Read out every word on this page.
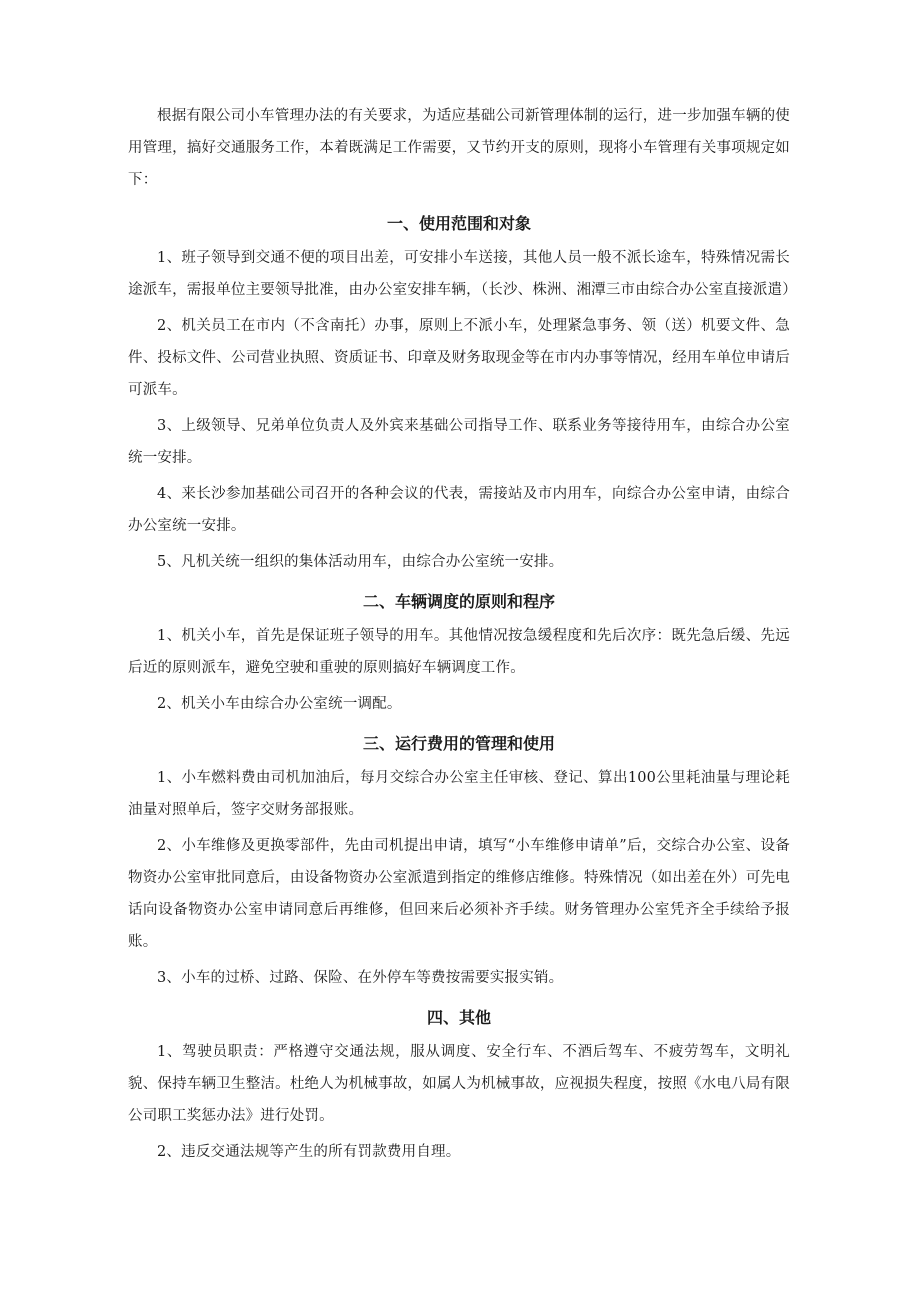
根据有限公司小车管理办法的有关要求，为适应基础公司新管理体制的运行，进一步加强车辆的使用管理，搞好交通服务工作，本着既满足工作需要，又节约开支的原则，现将小车管理有关事项规定如下：

一、使用范围和对象

1、班子领导到交通不便的项目出差，可安排小车送接，其他人员一般不派长途车，特殊情况需长途派车，需报单位主要领导批准，由办公室安排车辆，（长沙、株洲、湘潭三市由综合办公室直接派遣）

2、机关员工在市内（不含南托）办事，原则上不派小车，处理紧急事务、领（送）机要文件、急件、投标文件、公司营业执照、资质证书、印章及财务取现金等在市内办事等情况，经用车单位申请后可派车。

3、上级领导、兄弟单位负责人及外宾来基础公司指导工作、联系业务等接待用车，由综合办公室统一安排。

4、来长沙参加基础公司召开的各种会议的代表，需接站及市内用车，向综合办公室申请，由综合办公室统一安排。

5、凡机关统一组织的集体活动用车，由综合办公室统一安排。

二、车辆调度的原则和程序

1、机关小车，首先是保证班子领导的用车。其他情况按急缓程度和先后次序：既先急后缓、先远后近的原则派车，避免空驶和重驶的原则搞好车辆调度工作。

2、机关小车由综合办公室统一调配。

三、运行费用的管理和使用

1、小车燃料费由司机加油后，每月交综合办公室主任审核、登记、算出100公里耗油量与理论耗油量对照单后，签字交财务部报账。

2、小车维修及更换零部件，先由司机提出申请，填写“小车维修申请单”后，交综合办公室、设备物资办公室审批同意后，由设备物资办公室派遣到指定的维修店维修。特殊情况（如出差在外）可先电话向设备物资办公室申请同意后再维修，但回来后必须补齐手续。财务管理办公室凭齐全手续给予报账。

3、小车的过桥、过路、保险、在外停车等费按需要实报实销。

四、其他

1、驾驶员职责：严格遵守交通法规，服从调度、安全行车、不酒后驾车、不疲劳驾车，文明礼貌、保持车辆卫生整洁。杜绝人为机械事故，如属人为机械事故，应视损失程度，按照《水电八局有限公司职工奖惩办法》进行处罚。

2、违反交通法规等产生的所有罚款费用自理。
